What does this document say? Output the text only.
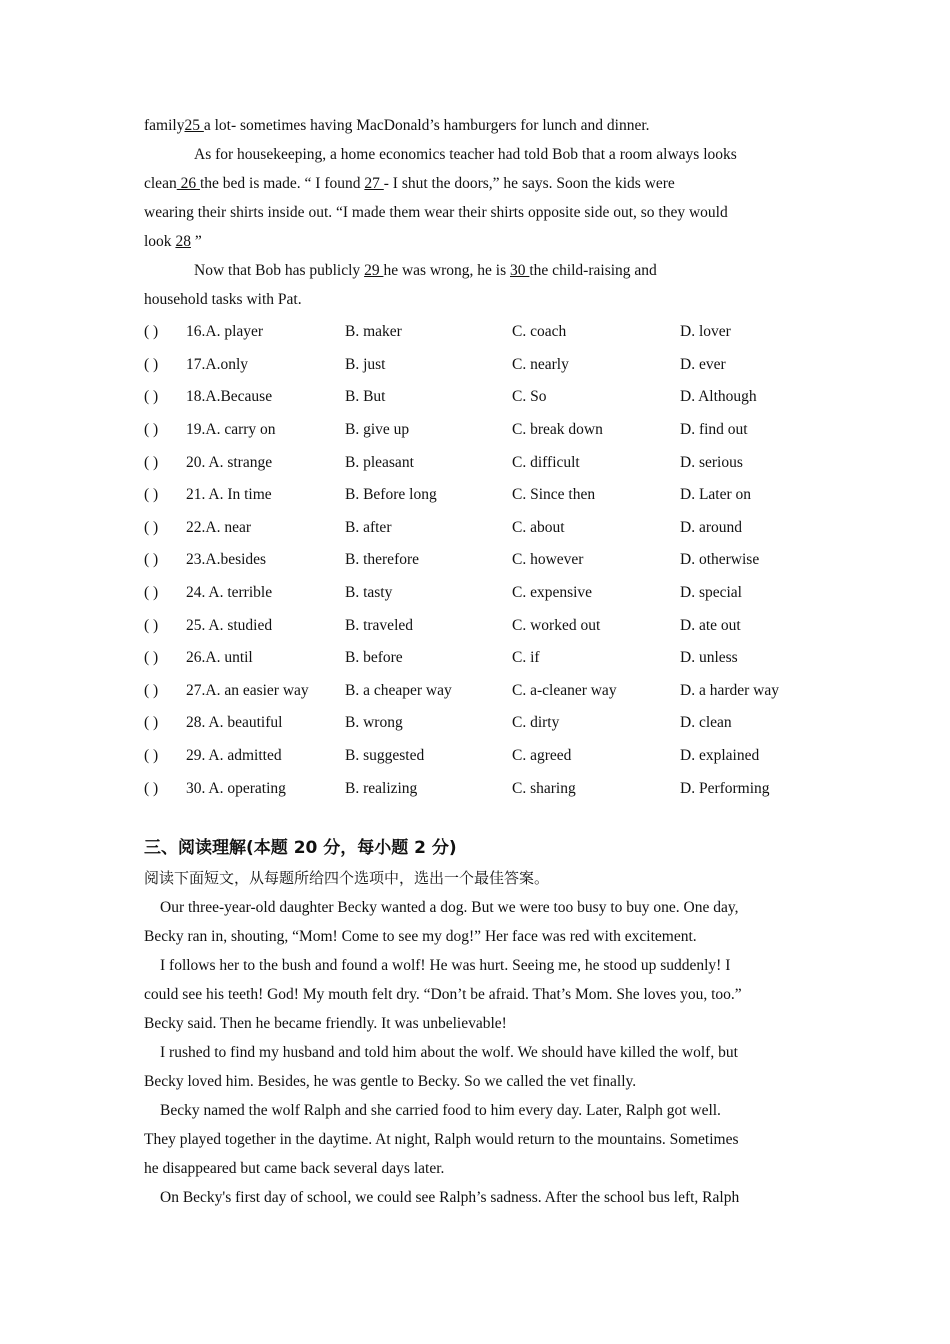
family25 a lot- sometimes having MacDonald’s hamburgers for lunch and dinner.
As for housekeeping, a home economics teacher had told Bob that a room always looks
clean 26 the bed is made. “ I found 27 - I shut the doors,” he says. Soon the kids were
wearing their shirts inside out. “I made them wear their shirts opposite side out, so they would
look 28 ”
Now that Bob has publicly 29 he was wrong, he is 30 the child-raising and
household tasks with Pat.
( ) 16.A. player	B. maker	C. coach	D. lover
( ) 17.A.only	B. just	C. nearly	D. ever
( ) 18.A.Because	B. But	C. So	D. Although
( ) 19.A. carry on	B. give up	C. break down	D. find out
( ) 20. A. strange	B. pleasant	C. difficult	D. serious
( ) 21. A. In time	B. Before long	C. Since then	D. Later on
( ) 22.A. near	B. after	C. about	D. around
( ) 23.A.besides	B. therefore	C. however	D. otherwise
( ) 24. A. terrible	B. tasty	C. expensive	D. special
( ) 25. A. studied	B. traveled	C. worked out	D. ate out
( ) 26.A. until	B. before	C. if	D. unless
( ) 27.A. an easier way	B. a cheaper way	C. a-cleaner way	D. a harder way
( ) 28. A. beautiful	B. wrong	C. dirty	D. clean
( ) 29. A. admitted	B. suggested	C. agreed	D. explained
( ) 30. A. operating	B. realizing	C. sharing	D. Performing
三、阅读理解(本题 20 分，每小题 2 分)
阅读下面短文，从每题所给四个选项中，选出一个最佳答案。
Our three-year-old daughter Becky wanted a dog. But we were too busy to buy one. One day,
Becky ran in, shouting, “Mom! Come to see my dog!” Her face was red with excitement.
I follows her to the bush and found a wolf! He was hurt. Seeing me, he stood up suddenly! I
could see his teeth! God! My mouth felt dry. “Don’t be afraid. That’s Mom. She loves you, too.”
Becky said. Then he became friendly. It was unbelievable!
I rushed to find my husband and told him about the wolf. We should have killed the wolf, but
Becky loved him. Besides, he was gentle to Becky. So we called the vet finally.
Becky named the wolf Ralph and she carried food to him every day. Later, Ralph got well.
They played together in the daytime. At night, Ralph would return to the mountains. Sometimes
he disappeared but came back several days later.
On Becky's first day of school, we could see Ralph’s sadness. After the school bus left, Ralph
